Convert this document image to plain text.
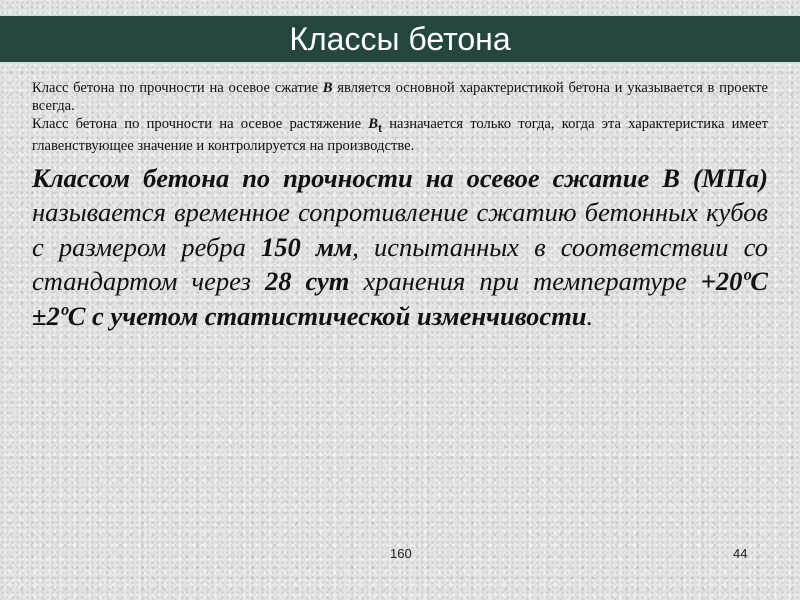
Классы бетона

Класс бетона по прочности на осевое сжатие B является основной характеристикой бетона и указывается в проекте всегда.

Класс бетона по прочности на осевое растяжение $B_t$ назначается только тогда, когда эта характеристика имеет главенствующее значение и контролируется на производстве.

Классом бетона по прочности на осевое сжатие В (МПа) называется временное сопротивление сжатию бетонных кубов с размером ребра 150 мм, испытанных в соответствии со стандартом через 28 сут хранения при температуре +20ºС ±2ºС с учетом статистической изменчивости.

160	44
